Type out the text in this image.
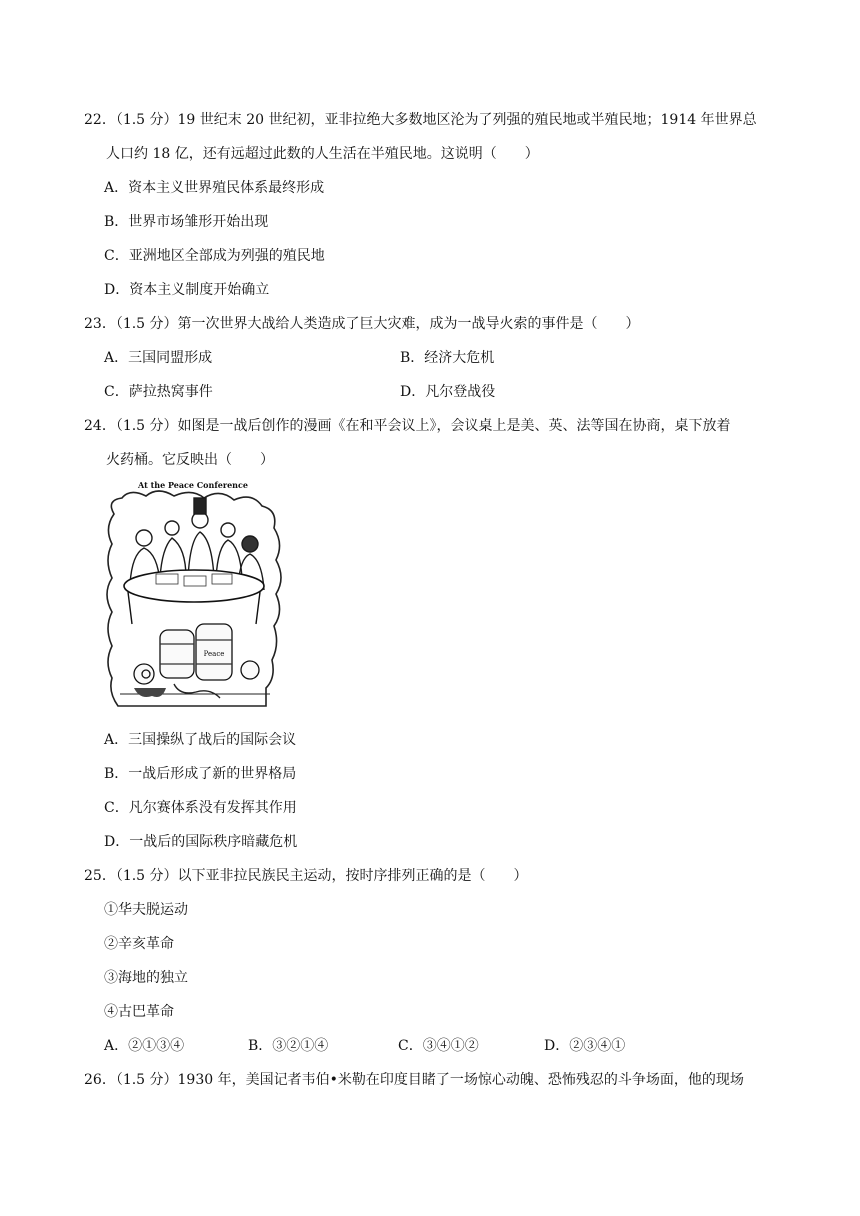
22．（1.5 分）19 世纪末 20 世纪初，亚非拉绝大多数地区沦为了列强的殖民地或半殖民地；1914 年世界总
人口约 18 亿，还有远超过此数的人生活在半殖民地。这说明（　　）
A．资本主义世界殖民体系最终形成
B．世界市场雏形开始出现
C．亚洲地区全部成为列强的殖民地
D．资本主义制度开始确立
23．（1.5 分）第一次世界大战给人类造成了巨大灾难，成为一战导火索的事件是（　　）
A．三国同盟形成	B．经济大危机
C．萨拉热窝事件	D．凡尔登战役
24．（1.5 分）如图是一战后创作的漫画《在和平会议上》，会议桌上是美、英、法等国在协商，桌下放着
火药桶。它反映出（　　）
At the Peace Conference
Peace
A．三国操纵了战后的国际会议
B．一战后形成了新的世界格局
C．凡尔赛体系没有发挥其作用
D．一战后的国际秩序暗藏危机
25．（1.5 分）以下亚非拉民族民主运动，按时序排列正确的是（　　）
①华夫脱运动
②辛亥革命
③海地的独立
④古巴革命
A．②①③④	B．③②①④	C．③④①②	D．②③④①
26．（1.5 分）1930 年，美国记者韦伯•米勒在印度目睹了一场惊心动魄、恐怖残忍的斗争场面，他的现场
